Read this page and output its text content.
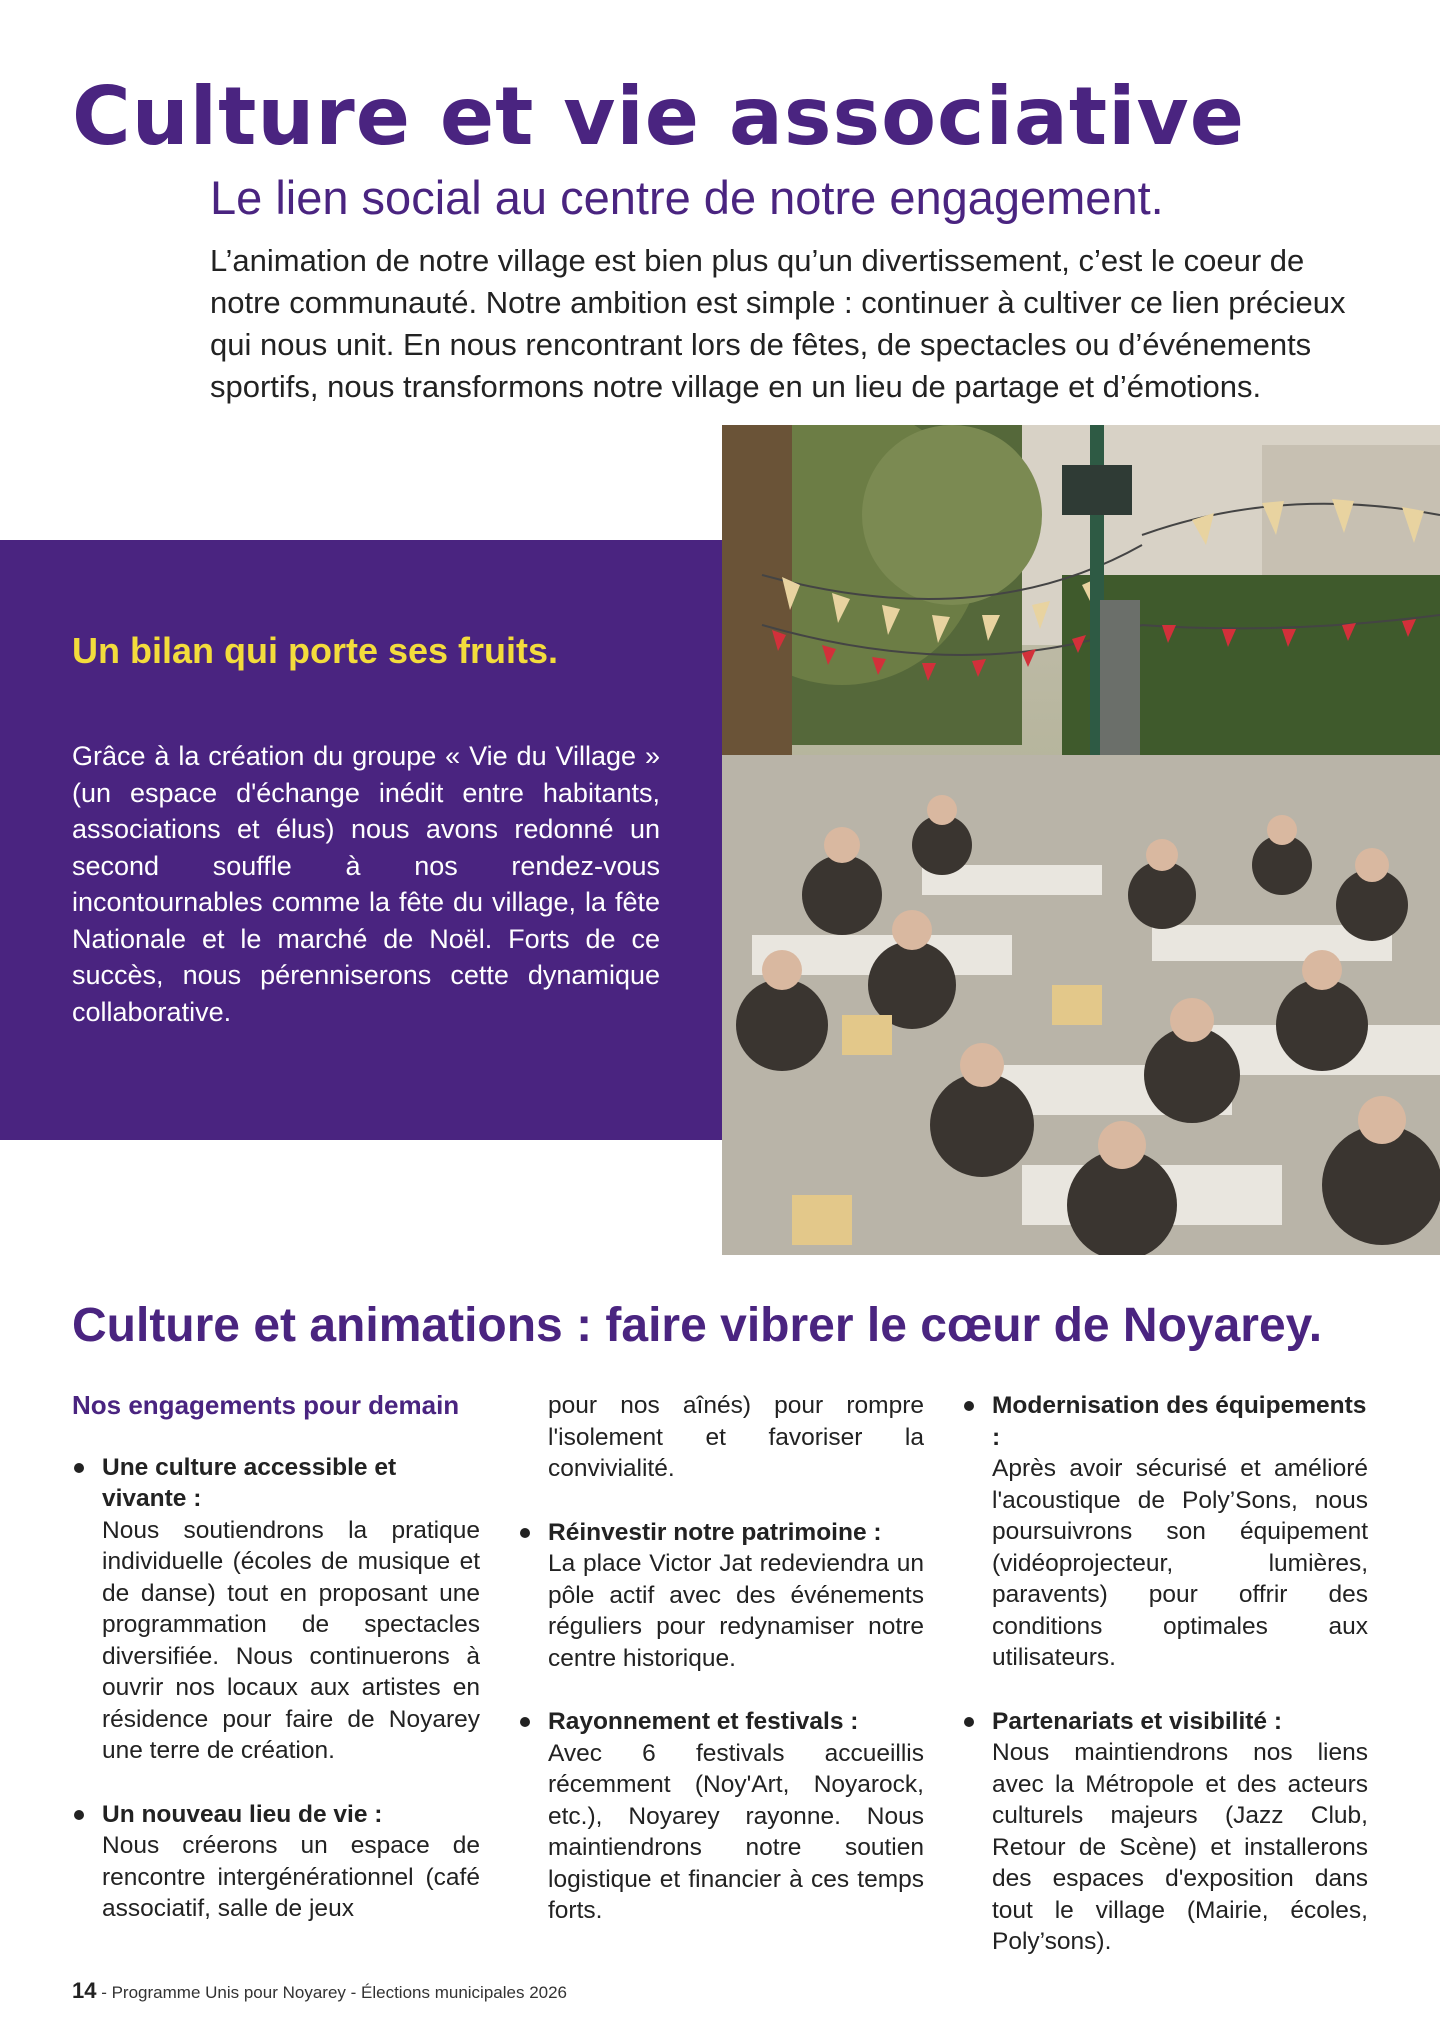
Culture et vie associative
Le lien social au centre de notre engagement.

L’animation de notre village est bien plus qu’un divertissement, c’est le coeur de notre communauté. Notre ambition est simple : continuer à cultiver ce lien précieux qui nous unit. En nous rencontrant lors de fêtes, de spectacles ou d’événements sportifs, nous transformons notre village en un lieu de partage et d’émotions.

Un bilan qui porte ses fruits.

Grâce à la création du groupe « Vie du Village » (un espace d'échange inédit entre habitants, associations et élus) nous avons redonné un second souffle à nos rendez-vous incontournables comme la fête du village, la fête Nationale et le marché de Noël. Forts de ce succès, nous pérenniserons cette dynamique collaborative.

Culture et animations : faire vibrer le cœur de Noyarey.
Nos engagements pour demain
Une culture accessible et vivante :
Nous soutiendrons la pratique individuelle (écoles de musique et de danse) tout en proposant une programmation de spectacles diversifiée. Nous continuerons à ouvrir nos locaux aux artistes en résidence pour faire de Noyarey une terre de création.
Un nouveau lieu de vie :
Nous créerons un espace de rencontre intergénérationnel (café associatif, salle de jeux

pour nos aînés) pour rompre l'isolement et favoriser la convivialité.

Réinvestir notre patrimoine :
La place Victor Jat redeviendra un pôle actif avec des événements réguliers pour redynamiser notre centre historique.
Rayonnement et festivals :
Avec 6 festivals accueillis récemment (Noy'Art, Noyarock, etc.), Noyarey rayonne. Nous maintiendrons notre soutien logistique et financier à ces temps forts.
Modernisation des équipements :
Après avoir sécurisé et amélioré l'acoustique de Poly’Sons, nous poursuivrons son équipement (vidéoprojecteur, lumières, paravents) pour offrir des conditions optimales aux utilisateurs.
Partenariats et visibilité :
Nous maintiendrons nos liens avec la Métropole et des acteurs culturels majeurs (Jazz Club, Retour de Scène) et installerons des espaces d'exposition dans tout le village (Mairie, écoles, Poly’sons).
14 - Programme Unis pour Noyarey - Élections municipales 2026
